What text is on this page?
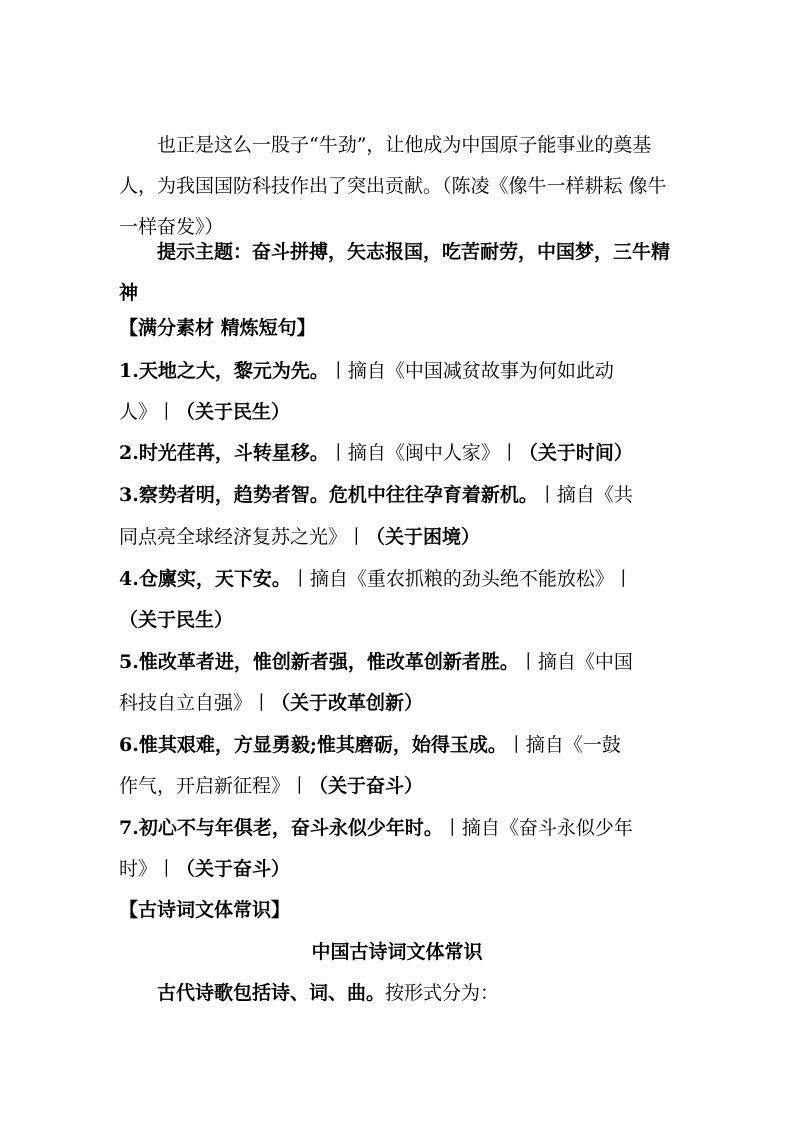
也正是这么一股子“牛劲”，让他成为中国原子能事业的奠基人，为我国国防科技作出了突出贡献。（陈凌《像牛一样耕耘 像牛一样奋发》）
提示主题：奋斗拼搏，矢志报国，吃苦耐劳，中国梦，三牛精神
【满分素材 精炼短句】
1.天地之大，黎元为先。丨摘自《中国减贫故事为何如此动
人》丨（关于民生）
2.时光荏苒，斗转星移。丨摘自《闽中人家》丨（关于时间）
3.察势者明，趋势者智。危机中往往孕育着新机。丨摘自《共
同点亮全球经济复苏之光》丨（关于困境）
4.仓廪实，天下安。丨摘自《重农抓粮的劲头绝不能放松》丨
（关于民生）
5.惟改革者进，惟创新者强，惟改革创新者胜。丨摘自《中国
科技自立自强》丨（关于改革创新）
6.惟其艰难，方显勇毅;惟其磨砺，始得玉成。丨摘自《一鼓
作气，开启新征程》丨（关于奋斗）
7.初心不与年俱老，奋斗永似少年时。丨摘自《奋斗永似少年
时》丨（关于奋斗）
【古诗词文体常识】
中国古诗词文体常识
古代诗歌包括诗、词、曲。按形式分为：
